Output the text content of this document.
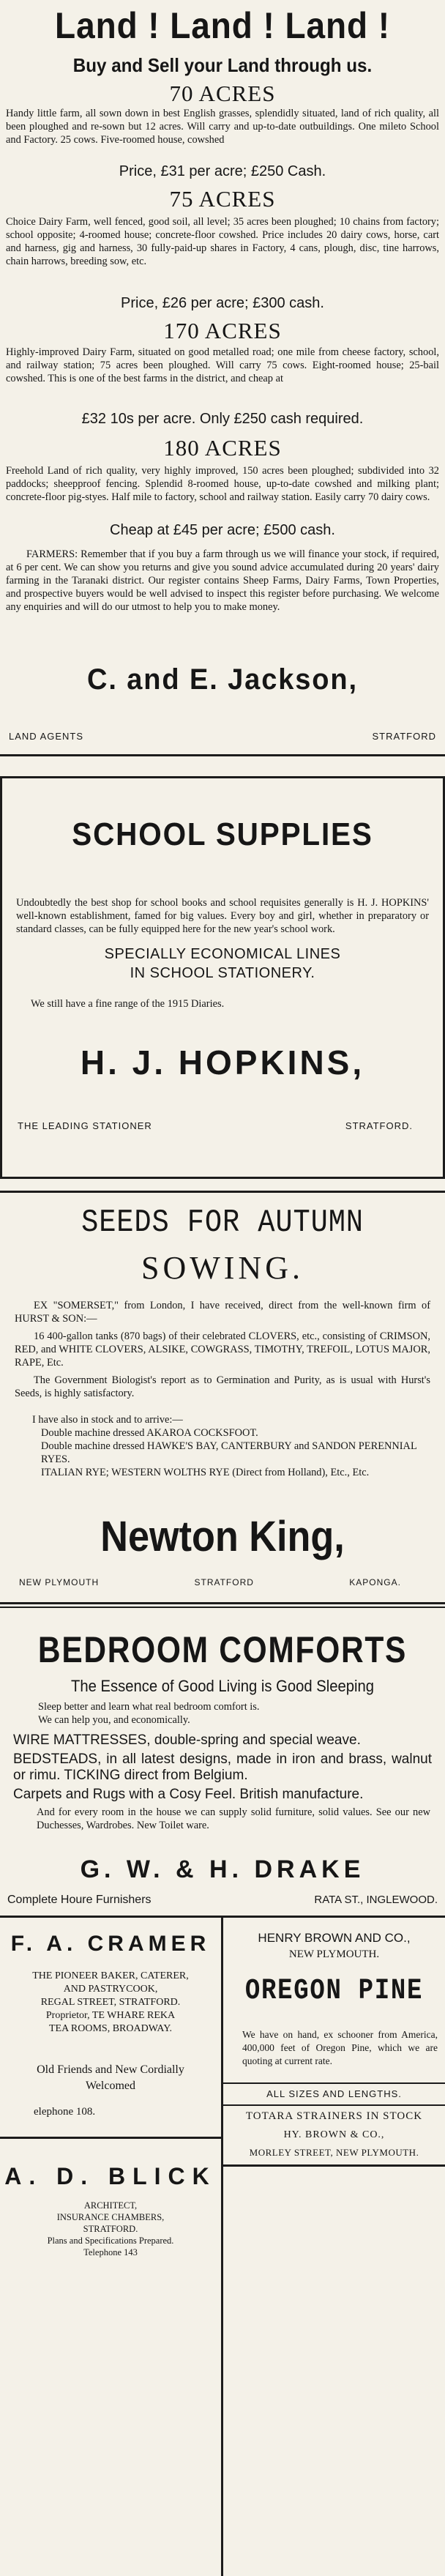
Land ! Land ! Land !
Buy and Sell your Land through us.
70 ACRES
Handy little farm, all sown down in best English grasses, splendidly situated, land of rich quality, all been ploughed and re-sown but 12 acres. Will carry and up-to-date outbuildings. One mileto School and Factory. 25 cows. Five-roomed house, cowshed
Price, £31 per acre; £250 Cash.
75 ACRES
Choice Dairy Farm, well fenced, good soil, all level; 35 acres been ploughed; 10 chains from factory; school opposite; 4-roomed house; concrete-floor cowshed. Price includes 20 dairy cows, horse, cart and harness, gig and harness, 30 fully-paid-up shares in Factory, 4 cans, plough, disc, tine harrows, chain harrows, breeding sow, etc.
Price, £26 per acre; £300 cash.
170 ACRES
Highly-improved Dairy Farm, situated on good metalled road; one mile from cheese factory, school, and railway station; 75 acres been ploughed. Will carry 75 cows. Eight-roomed house; 25-bail cowshed. This is one of the best farms in the district, and cheap at
£32 10s per acre. Only £250 cash required.
180 ACRES
Freehold Land of rich quality, very highly improved, 150 acres been ploughed; subdivided into 32 paddocks; sheepproof fencing. Splendid 8-roomed house, up-to-date cowshed and milking plant; concrete-floor pig-styes. Half mile to factory, school and railway station. Easily carry 70 dairy cows.
Cheap at £45 per acre; £500 cash.
FARMERS: Remember that if you buy a farm through us we will finance your stock, if required, at 6 per cent. We can show you returns and give you sound advice accumulated during 20 years' dairy farming in the Taranaki district. Our register contains Sheep Farms, Dairy Farms, Town Properties, and prospective buyers would be well advised to inspect this register before purchasing. We welcome any enquiries and will do our utmost to help you to make money.
C. and E. Jackson,
LAND AGENTS	STRATFORD
SCHOOL SUPPLIES
Undoubtedly the best shop for school books and school requisites generally is H. J. HOPKINS' well-known establishment, famed for big values. Every boy and girl, whether in preparatory or standard classes, can be fully equipped here for the new year's school work.
SPECIALLY ECONOMICAL LINES
IN SCHOOL STATIONERY.
We still have a fine range of the 1915 Diaries.
H. J. HOPKINS,
THE LEADING STATIONER	STRATFORD.
SEEDS FOR AUTUMN
SOWING.
EX "SOMERSET," from London, I have received, direct from the well-known firm of HURST & SON:—
16 400-gallon tanks (870 bags) of their celebrated CLOVERS, etc., consisting of CRIMSON, RED, and WHITE CLOVERS, ALSIKE, COWGRASS, TIMOTHY, TREFOIL, LOTUS MAJOR, RAPE, Etc.
The Government Biologist's report as to Germination and Purity, as is usual with Hurst's Seeds, is highly satisfactory.
I have also in stock and to arrive:—
Double machine dressed AKAROA COCKSFOOT.
Double machine dressed HAWKE'S BAY, CANTERBURY and SANDON PERENNIAL RYES.
ITALIAN RYE; WESTERN WOLTHS RYE (Direct from Holland), Etc., Etc.
Newton King,
NEW PLYMOUTH	STRATFORD	KAPONGA.
BEDROOM COMFORTS
The Essence of Good Living is Good Sleeping
Sleep better and learn what real bedroom comfort is.
We can help you, and economically.
WIRE MATTRESSES, double-spring and special weave.
BEDSTEADS, in all latest designs, made in iron and brass, walnut or rimu. TICKING direct from Belgium.
Carpets and Rugs with a Cosy Feel. British manufacture.
And for every room in the house we can supply solid furniture, solid values. See our new Duchesses, Wardrobes. New Toilet ware.
G. W. & H. DRAKE
Complete Houre Furnishers	RATA ST., INGLEWOOD.
F. A. CRAMER
THE PIONEER BAKER, CATERER,
AND PASTRYCOOK,
REGAL STREET, STRATFORD.
Proprietor, TE WHARE REKA
TEA ROOMS, BROADWAY.
Old Friends and New Cordially
Welcomed
elephone 108.
A. D. BLICK
ARCHITECT,
INSURANCE CHAMBERS,
STRATFORD.
Plans and Specifications Prepared.
Telephone 143
HENRY BROWN AND CO.,
NEW PLYMOUTH.
OREGON PINE
We have on hand, ex schooner from America, 400,000 feet of Oregon Pine, which we are quoting at current rate.
ALL SIZES AND LENGTHS.
TOTARA STRAINERS IN STOCK
HY. BROWN & CO.,
MORLEY STREET, NEW PLYMOUTH.
